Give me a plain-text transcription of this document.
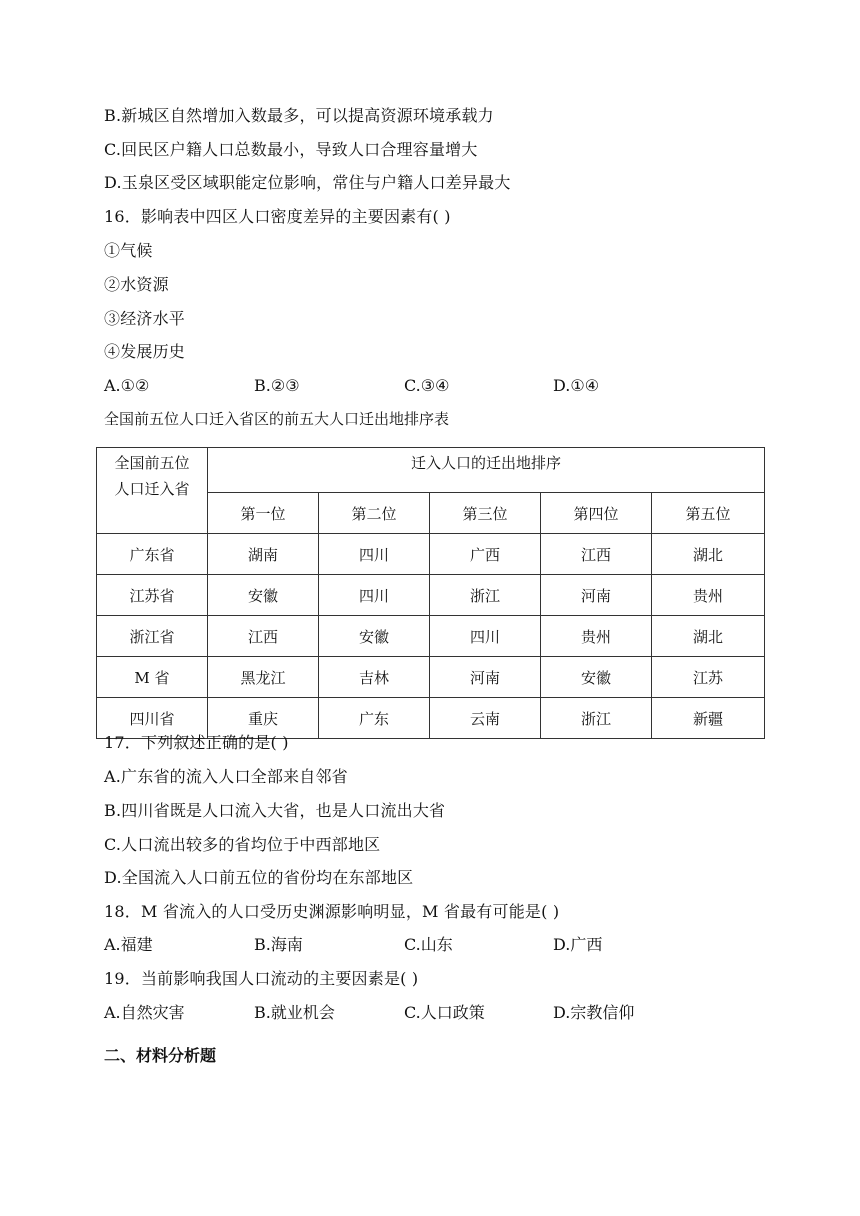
B.新城区自然增加入数最多，可以提高资源环境承载力
C.回民区户籍人口总数最小，导致人口合理容量增大
D.玉泉区受区域职能定位影响，常住与户籍人口差异最大
16．影响表中四区人口密度差异的主要因素有( )
①气候
②水资源
③经济水平
④发展历史
A.①②	B.②③	C.③④	D.①④
全国前五位人口迁入省区的前五大人口迁出地排序表
全国前五位
人口迁入省	迁入人口的迁出地排序				
	第一位	第二位	第三位	第四位	第五位
广东省	湖南	四川	广西	江西	湖北
江苏省	安徽	四川	浙江	河南	贵州
浙江省	江西	安徽	四川	贵州	湖北
M 省	黑龙江	吉林	河南	安徽	江苏
四川省	重庆	广东	云南	浙江	新疆
17．下列叙述正确的是( )
A.广东省的流入人口全部来自邻省
B.四川省既是人口流入大省，也是人口流出大省
C.人口流出较多的省均位于中西部地区
D.全国流入人口前五位的省份均在东部地区
18．M 省流入的人口受历史渊源影响明显，M 省最有可能是( )
A.福建	B.海南	C.山东	D.广西
19．当前影响我国人口流动的主要因素是( )
A.自然灾害	B.就业机会	C.人口政策	D.宗教信仰
二、材料分析题
